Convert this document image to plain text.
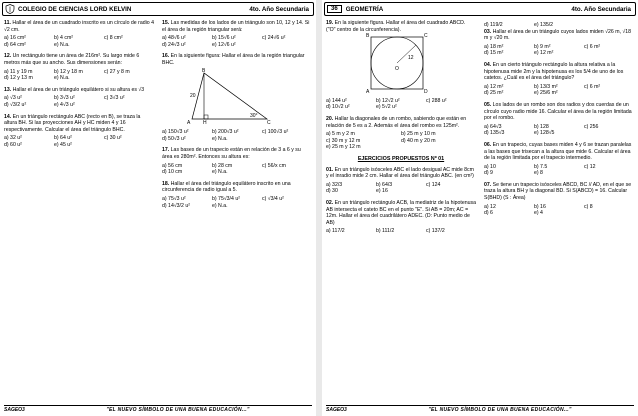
COLEGIO DE CIENCIAS LORD KELVIN	4to. Año Secundaria
11. Hallar el área de un cuadrado inscrito es un círculo de radio 4 √2 cm.
a) 16 cm²	b) 4 cm²	c) 8 cm²
d) 64 cm²	e) N.a.
12. Un rectángulo tiene un área de 216m². Su largo mide 6 metros más que su ancho. Sus dimensiones serán:
a) 11 y 19 m	b) 12 y 18 m	c) 27 y 8 m
d) 12 y 13 m	e) N.a.
13. Hallar el área de un triángulo equilátero si su altura es √3
a) √3 u²	b) 3√3 u²	c) 3√3 u²
d) √3/2 u²	e) 4√3 u²
14. En un triángulo rectángulo ABC (recto en B), se traza la altura BH. Si las proyecciones AH y HC miden 4 y 16 respectivamente. Calcular el área del triángulo BHC.
a) 32 u²	b) 64 u²	c) 30 u²
d) 60 u²	e) 45 u²
15. Las medidas de los lados de un triángulo son 10, 12 y 14. Si el área de la región triangular será:
a) 48√6 u²	b) 15√6 u²	c) 24√6 u²
d) 24√3 u²	e) 12√6 u²
16. En la siguiente figura: Hallar el área de la región triangular BHC.
B
A	H	C
20
30°
a) 150√3 u²	b) 200√3 u²	c) 100√3 u²
d) 50√3 u²	e) N.a.
17. Las bases de un trapecio están en relación de 3 a 6 y su área es 280m². Entonces su altura es:
a) 56 cm	b) 28 cm	c) 56/x cm
d) 10 cm	e) N.a.
18. Hallar el área del triángulo equilátero inscrito en una circunferencia de radio igual a 5.
a) 75√3 u²	b) 75√3/4 u²	c) √3/4 u²
d) 14√3/2 u²	e) N.a.
SAGEO3	"EL NUEVO SÍMBOLO DE UNA BUENA EDUCACIÓN..."
36	GEOMETRÍA	4to. Año Secundaria
19. En la siguiente figura. Hallar el área del cuadrado ABCD. ("O" centro de la circunferencia).
B	C
A	D
O
12
a) 144 u²	b) 12√2 u²	c) 288 u²
d) 10√2 u²	e) 5√2 u²
20. Hallar la diagonales de un rombo, sabiendo que están en relación de 5 es a 2. Además el área del rombo es 125m².
a) 5 m y 2 m	b) 25 m y 10 m
c) 30 m y 12 m	d) 40 m y 20 m
e) 25 m y 12 m
EJERCICIOS PROPUESTOS Nº 01
01. En un triángulo isósceles ABC el lado desigual AC mide 8cm y el inradio mide 2 cm. Hallar el área del triángulo ABC. (en cm²)
a) 32/3	b) 64/3	c) 124
d) 30	e) 16
02. En un triángulo rectángulo ACB, la mediatriz de la hipotenusa AB intersecta el cateto BC en el punto "E". Si AB = 20m; AC = 12m. Hallar el área del cuadrilátero ADEC. (D: Punto medio de AB)
a) 117/2	b) 111/2	c) 137/2
d) 119/2	e) 135/2
03. Hallar el área de un triángulo cuyos lados miden √26 m, √18 m y √20 m.
a) 18 m²	b) 9 m²	c) 6 m²
d) 15 m²	e) 12 m²
04. En un cierto triángulo rectángulo la altura relativa a la hipotenusa mide 2m y la hipotenusa es los 5/4 de uno de los catetos. ¿Cuál es el área del triángulo?
a) 12 m²	b) 13/3 m²	c) 6 m²
d) 25 m²	e) 25/6 m²
05. Los lados de un rombo son dos radios y dos cuerdas de un círculo cuyo radio mide 16. Calcular el área de la región limitada por el rombo.
a) 64√3	b) 128	c) 256
d) 135√3	e) 128√5
06. En un trapecio, cuyas bases miden 4 y 6 se trazan paralelas a las bases que trisecan a la altura que mide 6. Calcular el área de la región limitada por el trapecio intermedio.
a) 10	b) 7.5	c) 12
d) 9	e) 8
07. Se tiene un trapecio isósceles ABCD, BC // AD, en el que se traza la altura BH y la diagonal BD. Si S(ABCD) = 16. Calcular S(BHD) (S : Área)
a) 12	b) 16	c) 8
d) 6	e) 4
SAGEO3	"EL NUEVO SÍMBOLO DE UNA BUENA EDUCACIÓN..."
